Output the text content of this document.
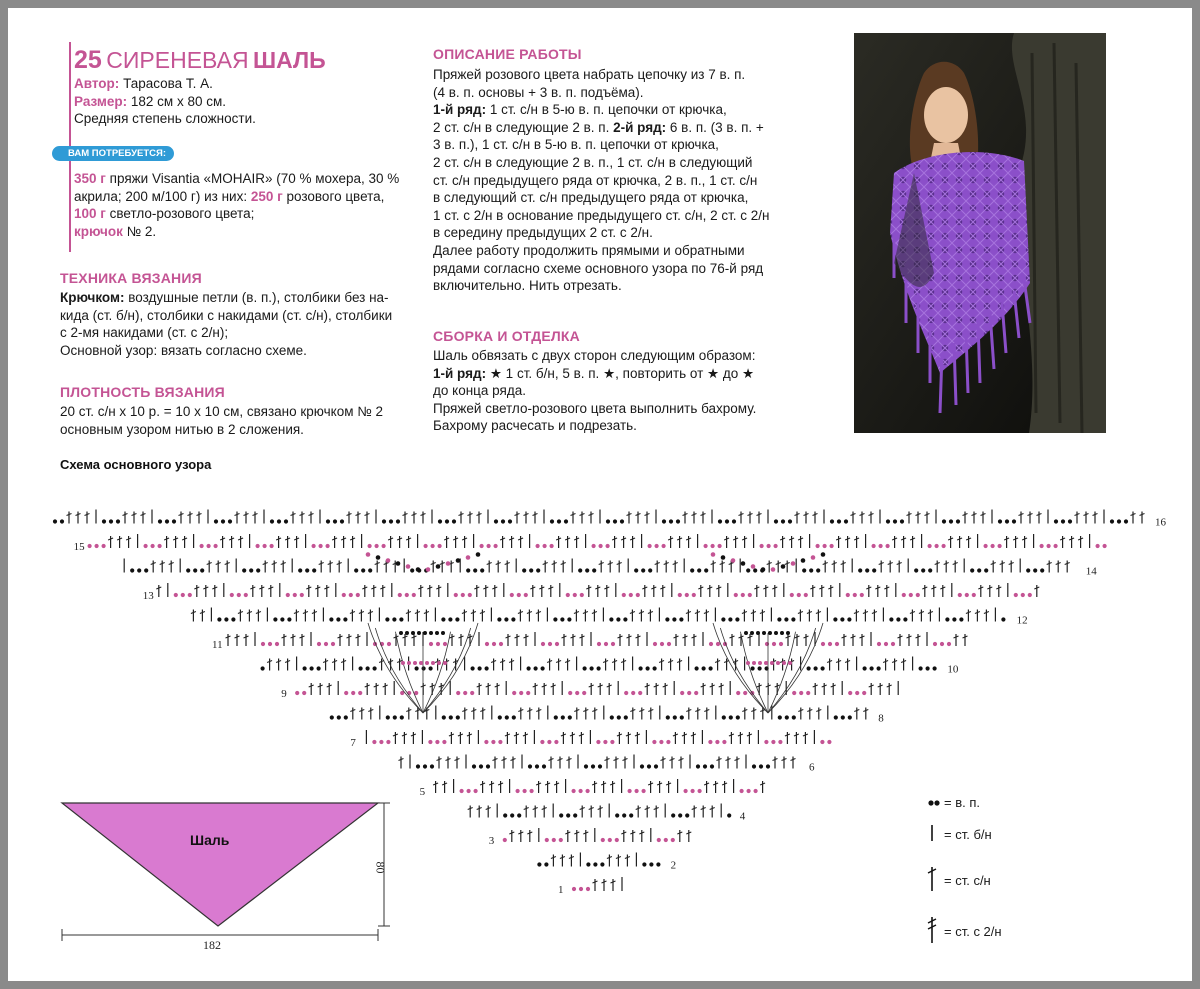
25 СИРЕНЕВАЯ ШАЛЬ
Автор: Тарасова Т. А.
Размер: 182 см х 80 см.
Средняя степень сложности.
ВАМ ПОТРЕБУЕТСЯ:
350 г пряжи Visantia «MOHAIR» (70 % мохера, 30 %
акрила; 200 м/100 г) из них: 250 г розового цвета,
100 г светло-розового цвета;
крючок № 2.
ТЕХНИКА ВЯЗАНИЯ
Крючком: воздушные петли (в. п.), столбики без на-
кида (ст. б/н), столбики с накидами (ст. с/н), столбики
с 2-мя накидами (ст. с 2/н);
Основной узор: вязать согласно схеме.
ПЛОТНОСТЬ ВЯЗАНИЯ
20 ст. с/н х 10 р. = 10 х 10 см, связано крючком № 2
основным узором нитью в 2 сложения.
ОПИСАНИЕ РАБОТЫ
Пряжей розового цвета набрать цепочку из 7 в. п.
(4 в. п. основы + 3 в. п. подъёма).
1-й ряд: 1 ст. с/н в 5-ю в. п. цепочки от крючка,
2 ст. с/н в следующие 2 в. п. 2-й ряд: 6 в. п. (3 в. п. +
3 в. п.), 1 ст. с/н в 5-ю в. п. цепочки от крючка,
2 ст. с/н в следующие 2 в. п., 1 ст. с/н в следующий
ст. с/н предыдущего ряда от крючка, 2 в. п., 1 ст. с/н
в следующий ст. с/н предыдущего ряда от крючка,
1 ст. с 2/н в основание предыдущего ст. с/н, 2 ст. с 2/н
в середину предыдущих 2 ст. с 2/н.
Далее работу продолжить прямыми и обратными
рядами согласно схеме основного узора по 76-й ряд
включительно. Нить отрезать.
СБОРКА И ОТДЕЛКА
Шаль обвязать с двух сторон следующим образом:
1-й ряд: ★ 1 ст. б/н, 5 в. п. ★, повторить от ★ до ★
до конца ряда.
Пряжей светло-розового цвета выполнить бахрому.
Бахрому расчесать и подрезать.
Схема основного узора
1
2
3
4
5
6
7
8
9
10
11
12
13
14
15
16
Шаль
182
80
= в. п.
= ст. б/н
= ст. с/н
= ст. с 2/н
